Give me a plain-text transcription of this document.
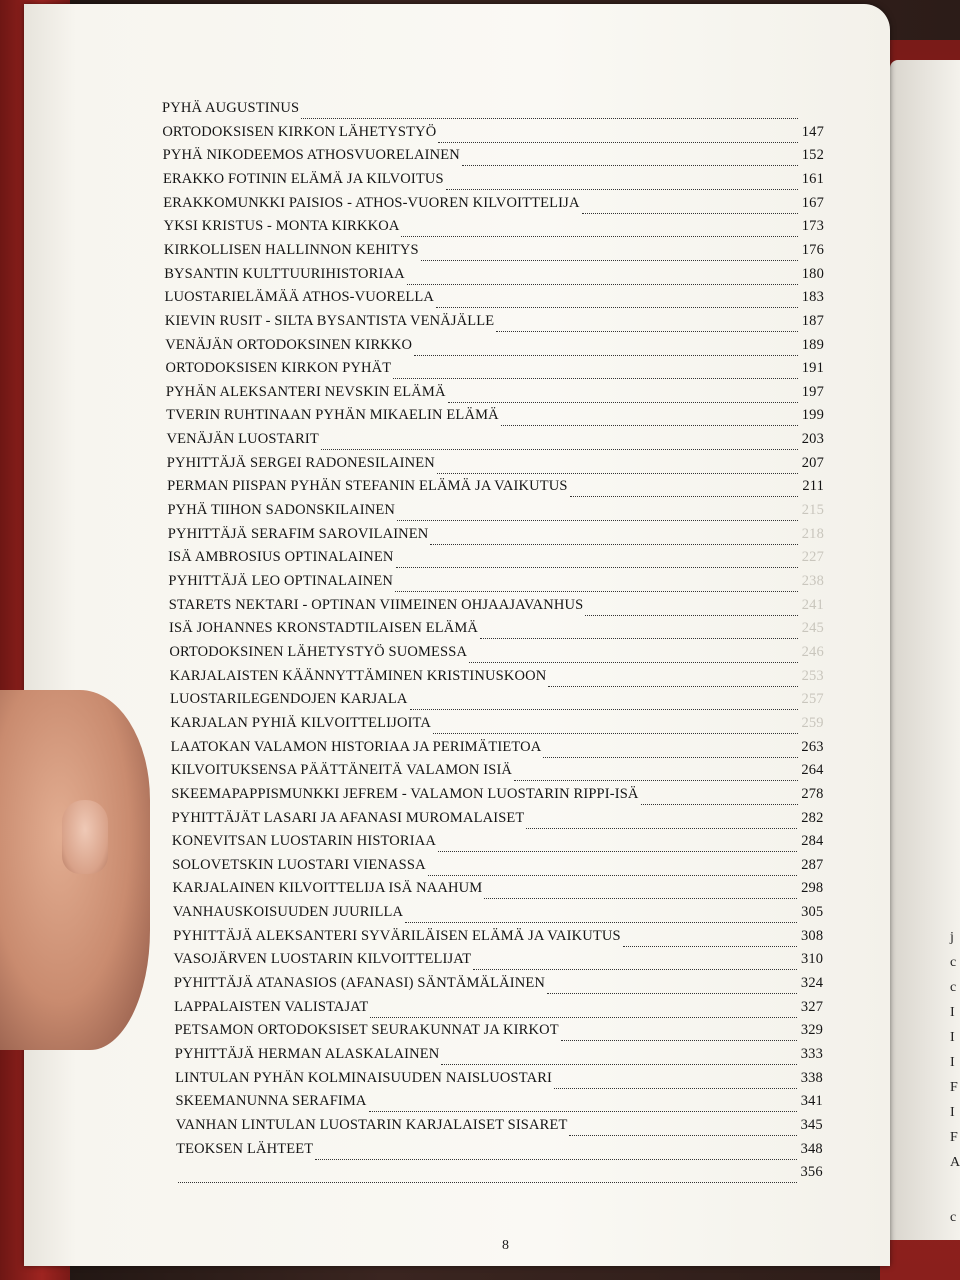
j
c
c
I
I
I
F
I
F
A
c
PYHÄ AUGUSTINUS
ORTODOKSISEN KIRKON LÄHETYSTYÖ	147
PYHÄ NIKODEEMOS ATHOSVUORELAINEN	152
ERAKKO FOTININ ELÄMÄ JA KILVOITUS	161
ERAKKOMUNKKI PAISIOS - ATHOS-VUOREN KILVOITTELIJA	167
YKSI KRISTUS - MONTA KIRKKOA	173
KIRKOLLISEN HALLINNON KEHITYS	176
BYSANTIN KULTTUURIHISTORIAA	180
LUOSTARIELÄMÄÄ ATHOS-VUORELLA	183
KIEVIN RUSIT - SILTA BYSANTISTA VENÄJÄLLE	187
VENÄJÄN ORTODOKSINEN KIRKKO	189
ORTODOKSISEN KIRKON PYHÄT	191
PYHÄN ALEKSANTERI NEVSKIN ELÄMÄ	197
TVERIN RUHTINAAN PYHÄN MIKAELIN ELÄMÄ	199
VENÄJÄN LUOSTARIT	203
PYHITTÄJÄ SERGEI RADONESILAINEN	207
PERMAN PIISPAN PYHÄN STEFANIN ELÄMÄ JA VAIKUTUS	211
PYHÄ TIIHON SADONSKILAINEN	215
PYHITTÄJÄ SERAFIM SAROVILAINEN	218
ISÄ AMBROSIUS OPTINALAINEN	227
PYHITTÄJÄ LEO OPTINALAINEN	238
STARETS NEKTARI - OPTINAN VIIMEINEN OHJAAJAVANHUS	241
ISÄ JOHANNES KRONSTADTILAISEN ELÄMÄ	245
ORTODOKSINEN LÄHETYSTYÖ SUOMESSA	246
KARJALAISTEN KÄÄNNYTTÄMINEN KRISTINUSKOON	253
LUOSTARILEGENDOJEN KARJALA	257
KARJALAN PYHIÄ KILVOITTELIJOITA	259
LAATOKAN VALAMON HISTORIAA JA PERIMÄTIETOA	263
KILVOITUKSENSA PÄÄTTÄNEITÄ VALAMON ISIÄ	264
SKEEMAPAPPISMUNKKI JEFREM - VALAMON LUOSTARIN RIPPI-ISÄ	278
PYHITTÄJÄT LASARI JA AFANASI MUROMALAISET	282
KONEVITSAN LUOSTARIN HISTORIAA	284
SOLOVETSKIN LUOSTARI VIENASSA	287
KARJALAINEN KILVOITTELIJA ISÄ NAAHUM	298
VANHAUSKOISUUDEN JUURILLA	305
PYHITTÄJÄ ALEKSANTERI SYVÄRILÄISEN ELÄMÄ JA VAIKUTUS	308
VASOJÄRVEN LUOSTARIN KILVOITTELIJAT	310
PYHITTÄJÄ ATANASIOS (AFANASI) SÄNTÄMÄLÄINEN	324
LAPPALAISTEN VALISTAJAT	327
PETSAMON ORTODOKSISET SEURAKUNNAT JA KIRKOT	329
PYHITTÄJÄ HERMAN ALASKALAINEN	333
LINTULAN PYHÄN KOLMINAISUUDEN NAISLUOSTARI	338
SKEEMANUNNA SERAFIMA	341
VANHAN LINTULAN LUOSTARIN KARJALAISET SISARET	345
TEOKSEN LÄHTEET	348
356
8
